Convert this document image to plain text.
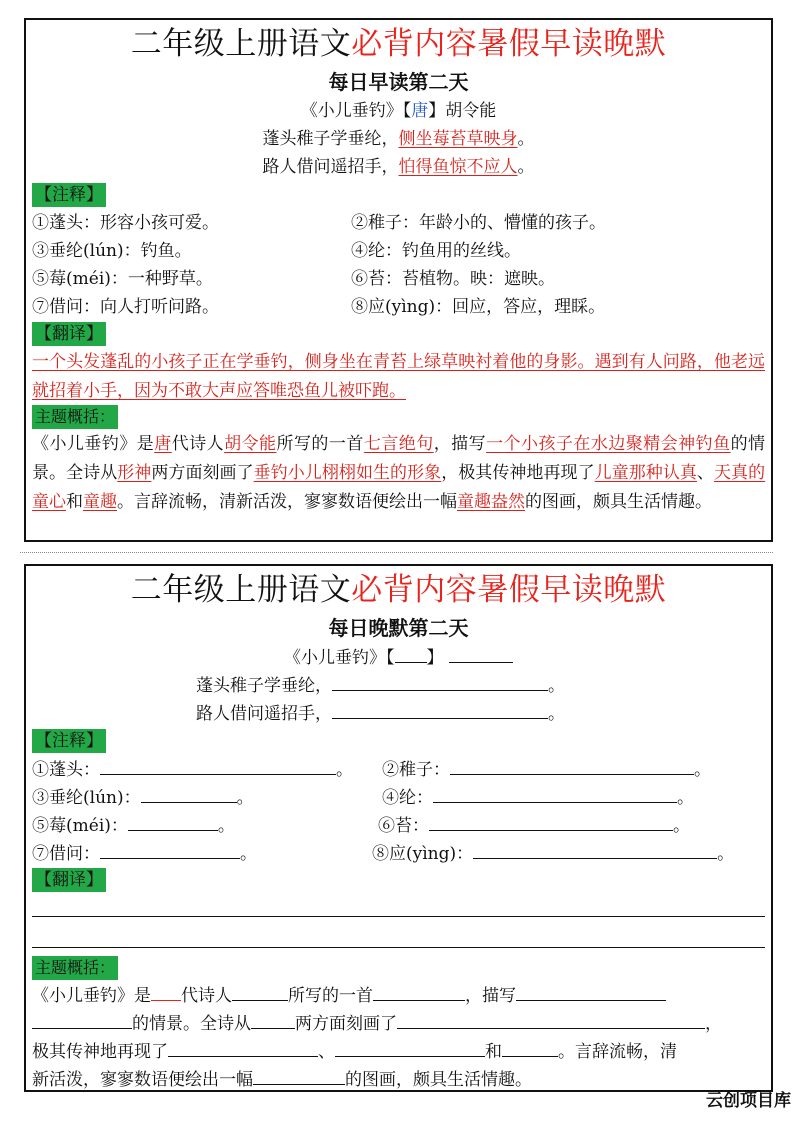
二年级上册语文必背内容暑假早读晚默
每日早读第二天
《小儿垂钓》【唐】胡令能
蓬头稚子学垂纶，侧坐莓苔草映身。
路人借问遥招手，怕得鱼惊不应人。
【注释】
①蓬头：形容小孩可爱。	②稚子：年龄小的、懵懂的孩子。
③垂纶(lún)：钓鱼。	④纶：钓鱼用的丝线。
⑤莓(méi)：一种野草。	⑥苔：苔植物。映：遮映。
⑦借问：向人打听问路。	⑧应(yìng)：回应，答应，理睬。
【翻译】
一个头发蓬乱的小孩子正在学垂钓，侧身坐在青苔上绿草映衬着他的身影。遇到有人问路，他老远就招着小手，因为不敢大声应答唯恐鱼儿被吓跑。
主题概括：
《小儿垂钓》是唐代诗人胡令能所写的一首七言绝句，描写一个小孩子在水边聚精会神钓鱼的情景。全诗从形神两方面刻画了垂钓小儿栩栩如生的形象，极其传神地再现了儿童那种认真、天真的童心和童趣。言辞流畅，清新活泼，寥寥数语便绘出一幅童趣盎然的图画，颇具生活情趣。
二年级上册语文必背内容暑假早读晚默
每日晚默第二天
《小儿垂钓》【 】
蓬头稚子学垂纶，	。
路人借问遥招手，	。
【注释】
①蓬头：	。 ②稚子：	。
③垂纶(lún)：	。	④纶：	。
⑤莓(méi)：	。	⑥苔：	。
⑦借问：	。	⑧应(yìng)：	。
【翻译】
主题概括：
《小儿垂钓》是 代诗人	所写的一首	，描写
的情景。全诗从	两方面刻画了	，
极其传神地再现了	、	和	。言辞流畅，清
新活泼，寥寥数语便绘出一幅	的图画，颇具生活情趣。
云创项目库
